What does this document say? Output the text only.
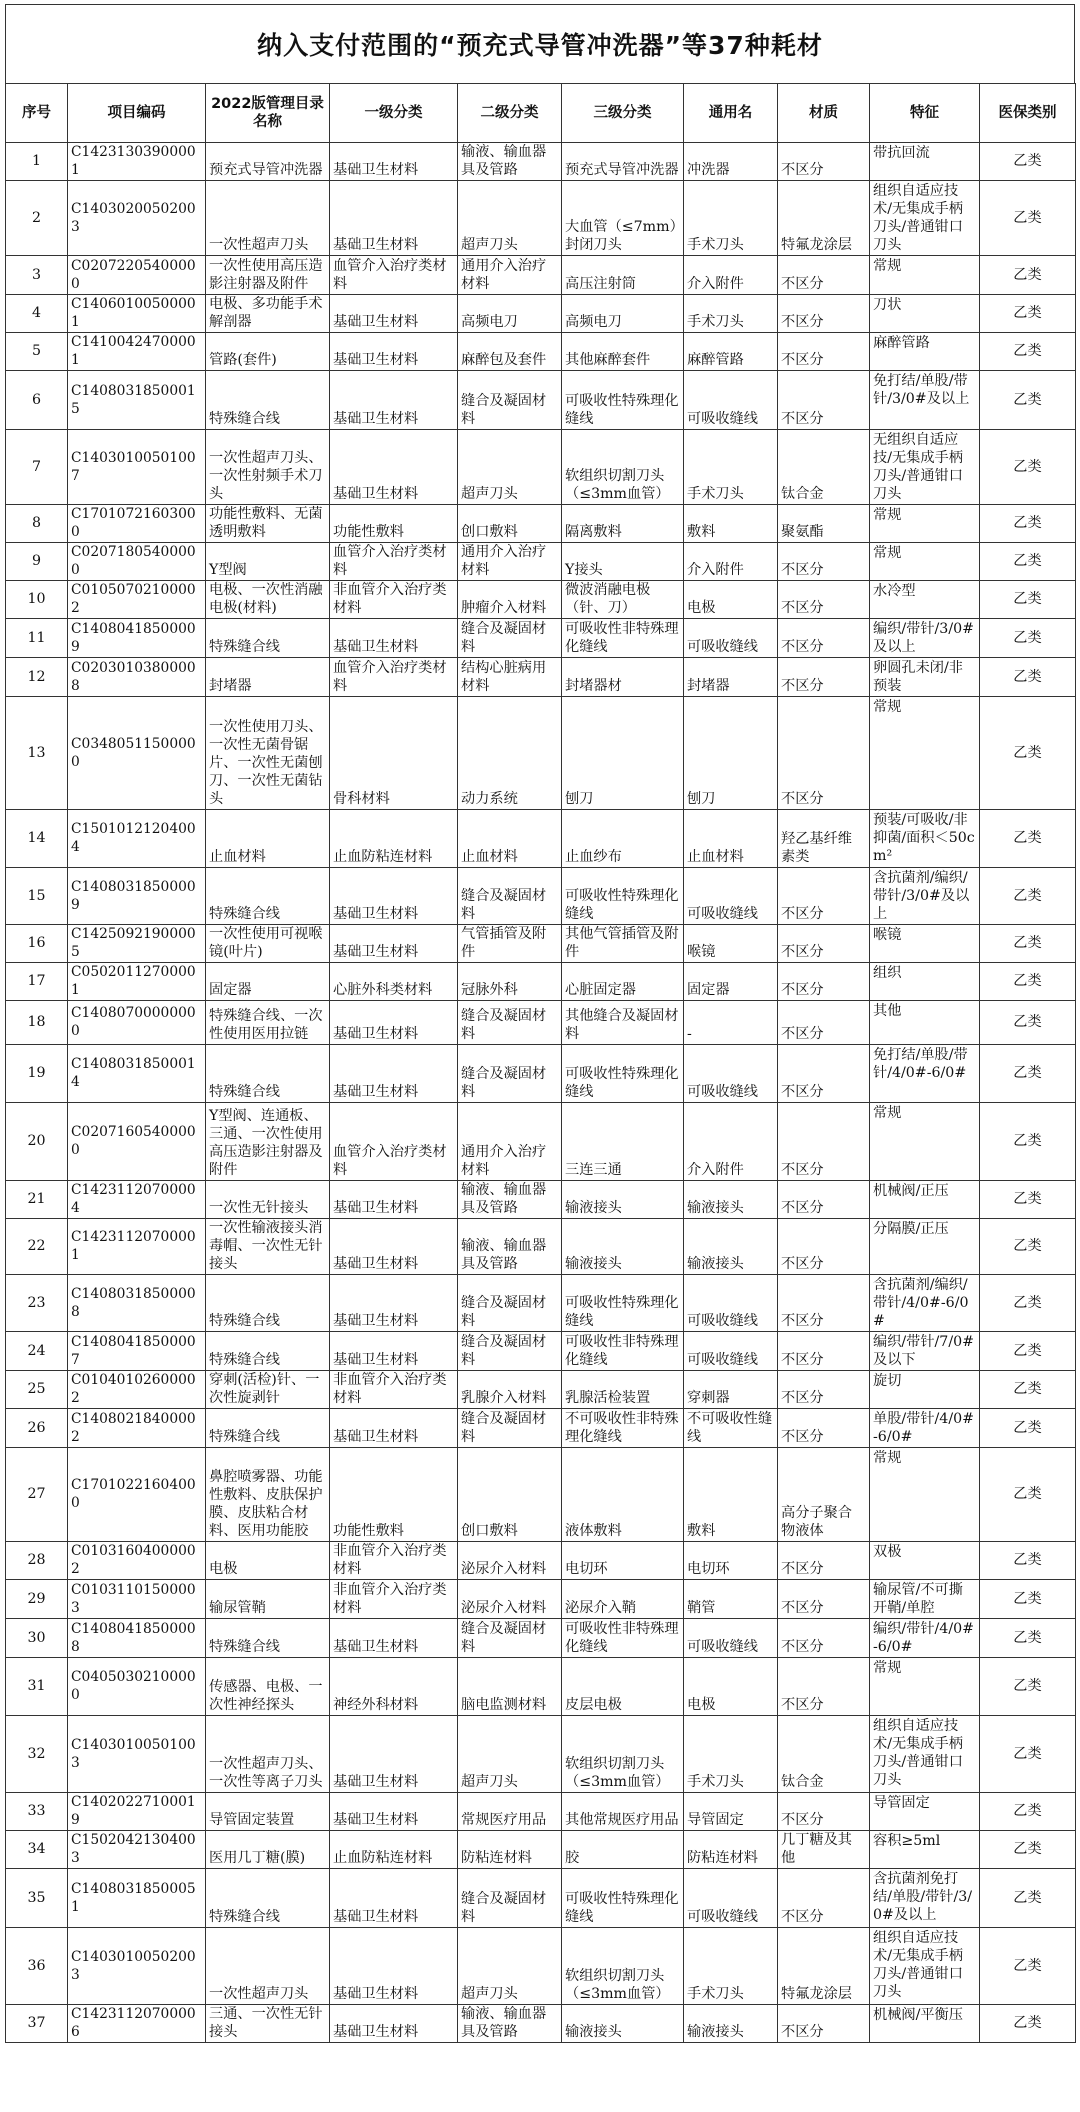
纳入支付范围的“预充式导管冲洗器”等37种耗材
序号	项目编码	2022版管理目录名称	一级分类	二级分类	三级分类	通用名	材质	特征	医保类别
1	C14231303900001	预充式导管冲洗器	基础卫生材料	输液、输血器具及管路	预充式导管冲洗器	冲洗器	不区分	带抗回流	乙类
2	C14030200502003	一次性超声刀头	基础卫生材料	超声刀头	大血管（≤7mm）封闭刀头	手术刀头	特氟龙涂层	组织自适应技术/无集成手柄刀头/普通钳口刀头	乙类
3	C02072205400000	一次性使用高压造影注射器及附件	血管介入治疗类材料	通用介入治疗材料	高压注射筒	介入附件	不区分	常规	乙类
4	C14060100500001	电极、多功能手术解剖器	基础卫生材料	高频电刀	高频电刀	手术刀头	不区分	刀状	乙类
5	C14100424700001	管路(套件)	基础卫生材料	麻醉包及套件	其他麻醉套件	麻醉管路	不区分	麻醉管路	乙类
6	C14080318500015	特殊缝合线	基础卫生材料	缝合及凝固材料	可吸收性特殊理化缝线	可吸收缝线	不区分	免打结/单股/带针/3/0#及以上	乙类
7	C14030100501007	一次性超声刀头、一次性射频手术刀头	基础卫生材料	超声刀头	软组织切割刀头（≤3mm血管）	手术刀头	钛合金	无组织自适应技/无集成手柄刀头/普通钳口刀头	乙类
8	C17010721603000	功能性敷料、无菌透明敷料	功能性敷料	创口敷料	隔离敷料	敷料	聚氨酯	常规	乙类
9	C02071805400000	Y型阀	血管介入治疗类材料	通用介入治疗材料	Y接头	介入附件	不区分	常规	乙类
10	C01050702100002	电极、一次性消融电极(材料)	非血管介入治疗类材料	肿瘤介入材料	微波消融电极（针、刀）	电极	不区分	水冷型	乙类
11	C14080418500009	特殊缝合线	基础卫生材料	缝合及凝固材料	可吸收性非特殊理化缝线	可吸收缝线	不区分	编织/带针/3/0#及以上	乙类
12	C02030103800008	封堵器	血管介入治疗类材料	结构心脏病用材料	封堵器材	封堵器	不区分	卵圆孔未闭/非预装	乙类
13	C03480511500000	一次性使用刀头、一次性无菌骨锯片、一次性无菌刨刀、一次性无菌钻头	骨科材料	动力系统	刨刀	刨刀	不区分	常规	乙类
14	C15010121204004	止血材料	止血防粘连材料	止血材料	止血纱布	止血材料	羟乙基纤维素类	预装/可吸收/非抑菌/面积＜50cm²	乙类
15	C14080318500009	特殊缝合线	基础卫生材料	缝合及凝固材料	可吸收性特殊理化缝线	可吸收缝线	不区分	含抗菌剂/编织/带针/3/0#及以上	乙类
16	C14250921900005	一次性使用可视喉镜(叶片)	基础卫生材料	气管插管及附件	其他气管插管及附件	喉镜	不区分	喉镜	乙类
17	C05020112700001	固定器	心脏外科类材料	冠脉外科	心脏固定器	固定器	不区分	组织	乙类
18	C14080700000000	特殊缝合线、一次性使用医用拉链	基础卫生材料	缝合及凝固材料	其他缝合及凝固材料	-	不区分	其他	乙类
19	C14080318500014	特殊缝合线	基础卫生材料	缝合及凝固材料	可吸收性特殊理化缝线	可吸收缝线	不区分	免打结/单股/带针/4/0#-6/0#	乙类
20	C02071605400000	Y型阀、连通板、三通、一次性使用高压造影注射器及附件	血管介入治疗类材料	通用介入治疗材料	三连三通	介入附件	不区分	常规	乙类
21	C14231120700004	一次性无针接头	基础卫生材料	输液、输血器具及管路	输液接头	输液接头	不区分	机械阀/正压	乙类
22	C14231120700001	一次性输液接头消毒帽、一次性无针接头	基础卫生材料	输液、输血器具及管路	输液接头	输液接头	不区分	分隔膜/正压	乙类
23	C14080318500008	特殊缝合线	基础卫生材料	缝合及凝固材料	可吸收性特殊理化缝线	可吸收缝线	不区分	含抗菌剂/编织/带针/4/0#-6/0#	乙类
24	C14080418500007	特殊缝合线	基础卫生材料	缝合及凝固材料	可吸收性非特殊理化缝线	可吸收缝线	不区分	编织/带针/7/0#及以下	乙类
25	C01040102600002	穿刺(活检)针、一次性旋剥针	非血管介入治疗类材料	乳腺介入材料	乳腺活检装置	穿刺器	不区分	旋切	乙类
26	C14080218400002	特殊缝合线	基础卫生材料	缝合及凝固材料	不可吸收性非特殊理化缝线	不可吸收性缝线	不区分	单股/带针/4/0#-6/0#	乙类
27	C17010221604000	鼻腔喷雾器、功能性敷料、皮肤保护膜、皮肤粘合材料、医用功能胶	功能性敷料	创口敷料	液体敷料	敷料	高分子聚合物液体	常规	乙类
28	C01031604000002	电极	非血管介入治疗类材料	泌尿介入材料	电切环	电切环	不区分	双极	乙类
29	C01031101500003	输尿管鞘	非血管介入治疗类材料	泌尿介入材料	泌尿介入鞘	鞘管	不区分	输尿管/不可撕开鞘/单腔	乙类
30	C14080418500008	特殊缝合线	基础卫生材料	缝合及凝固材料	可吸收性非特殊理化缝线	可吸收缝线	不区分	编织/带针/4/0#-6/0#	乙类
31	C04050302100000	传感器、电极、一次性神经探头	神经外科材料	脑电监测材料	皮层电极	电极	不区分	常规	乙类
32	C14030100501003	一次性超声刀头、一次性等离子刀头	基础卫生材料	超声刀头	软组织切割刀头（≤3mm血管）	手术刀头	钛合金	组织自适应技术/无集成手柄刀头/普通钳口刀头	乙类
33	C14020227100019	导管固定装置	基础卫生材料	常规医疗用品	其他常规医疗用品	导管固定	不区分	导管固定	乙类
34	C15020421304003	医用几丁糖(膜)	止血防粘连材料	防粘连材料	胶	防粘连材料	几丁糖及其他	容积≥5ml	乙类
35	C14080318500051	特殊缝合线	基础卫生材料	缝合及凝固材料	可吸收性特殊理化缝线	可吸收缝线	不区分	含抗菌剂免打结/单股/带针/3/0#及以上	乙类
36	C14030100502003	一次性超声刀头	基础卫生材料	超声刀头	软组织切割刀头（≤3mm血管）	手术刀头	特氟龙涂层	组织自适应技术/无集成手柄刀头/普通钳口刀头	乙类
37	C14231120700006	三通、一次性无针接头	基础卫生材料	输液、输血器具及管路	输液接头	输液接头	不区分	机械阀/平衡压	乙类
